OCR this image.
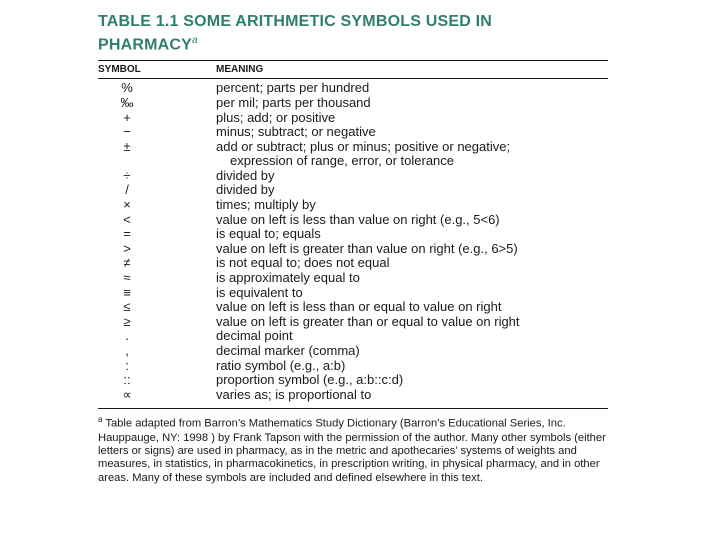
TABLE 1.1 SOME ARITHMETIC SYMBOLS USED IN
PHARMACY$^a$
SYMBOL	MEANING
%	percent; parts per hundred
‰	per mil; parts per thousand
+	plus; add; or positive
−	minus; subtract; or negative
±	add or subtract; plus or minus; positive or negative;
expression of range, error, or tolerance
÷	divided by
/	divided by
×	times; multiply by
<	value on left is less than value on right (e.g., 5<6)
=	is equal to; equals
>	value on left is greater than value on right (e.g., 6>5)
≠	is not equal to; does not equal
≈	is approximately equal to
≡	is equivalent to
≤	value on left is less than or equal to value on right
≥	value on left is greater than or equal to value on right
.	decimal point
,	decimal marker (comma)
:	ratio symbol (e.g., a:b)
::	proportion symbol (e.g., a:b::c:d)
∝	varies as; is proportional to

$^a$ Table adapted from Barron’s Mathematics Study Dictionary (Barron’s Educational Series, Inc. Hauppauge, NY: 1998 ) by Frank Tapson with the permission of the author. Many other symbols (either letters or signs) are used in pharmacy, as in the metric and apothecaries’ systems of weights and measures, in statistics, in pharmacokinetics, in prescription writing, in physical pharmacy, and in other areas. Many of these symbols are included and defined elsewhere in this text.
